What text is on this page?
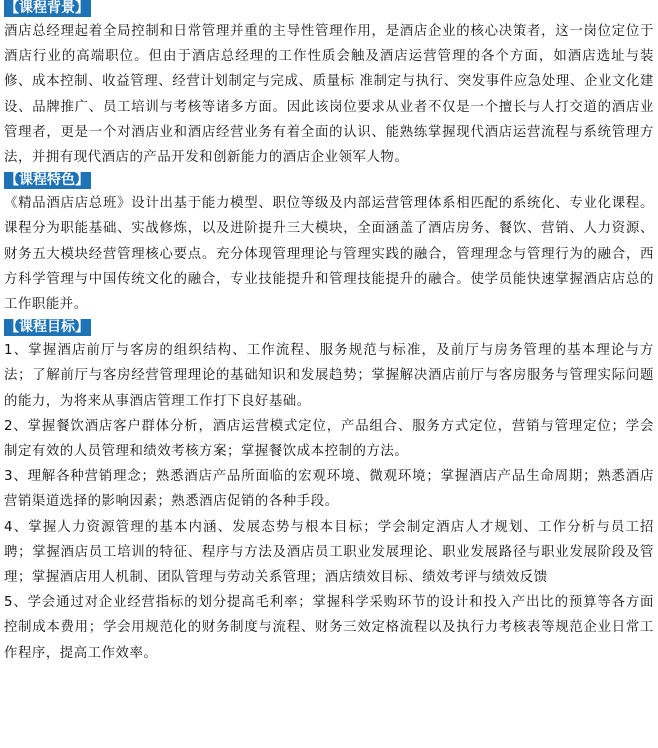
【课程背景】

酒店总经理起着全局控制和日常管理并重的主导性管理作用，是酒店企业的核心决策者，这一岗位定位于酒店行业的高端职位。但由于酒店总经理的工作性质会触及酒店运营管理的各个方面，如酒店选址与装修、成本控制、收益管理、经营计划制定与完成、质量标 准制定与执行、突发事件应急处理、企业文化建设、品牌推广、员工培训与考核等诸多方面。因此该岗位要求从业者不仅是一个擅长与人打交道的酒店业管理者，更是一个对酒店业和酒店经营业务有着全面的认识、能熟练掌握现代酒店运营流程与系统管理方法，并拥有现代酒店的产品开发和创新能力的酒店企业领军人物。

【课程特色】

《精品酒店店总班》设计出基于能力模型、职位等级及内部运营管理体系相匹配的系统化、专业化课程。课程分为职能基础、实战修炼，以及进阶提升三大模块，全面涵盖了酒店房务、餐饮、营销、人力资源、财务五大模块经营管理核心要点。充分体现管理理论与管理实践的融合，管理理念与管理行为的融合，西方科学管理与中国传统文化的融合，专业技能提升和管理技能提升的融合。使学员能快速掌握酒店店总的工作职能并。

【课程目标】

1、掌握酒店前厅与客房的组织结构、工作流程、服务规范与标准，及前厅与房务管理的基本理论与方法；了解前厅与客房经营管理理论的基础知识和发展趋势；掌握解决酒店前厅与客房服务与管理实际问题的能力，为将来从事酒店管理工作打下良好基础。

2、掌握餐饮酒店客户群体分析，酒店运营模式定位，产品组合、服务方式定位，营销与管理定位；学会制定有效的人员管理和绩效考核方案；掌握餐饮成本控制的方法。

3、理解各种营销理念；熟悉酒店产品所面临的宏观环境、微观环境；掌握酒店产品生命周期；熟悉酒店营销渠道选择的影响因素；熟悉酒店促销的各种手段。

4、掌握人力资源管理的基本内涵、发展态势与根本目标；学会制定酒店人才规划、工作分析与员工招聘；掌握酒店员工培训的特征、程序与方法及酒店员工职业发展理论、职业发展路径与职业发展阶段及管理；掌握酒店用人机制、团队管理与劳动关系管理；酒店绩效目标、绩效考评与绩效反馈

5、学会通过对企业经营指标的划分提高毛利率；掌握科学采购环节的设计和投入产出比的预算等各方面控制成本费用；学会用规范化的财务制度与流程、财务三效定格流程以及执行力考核表等规范企业日常工作程序，提高工作效率。
